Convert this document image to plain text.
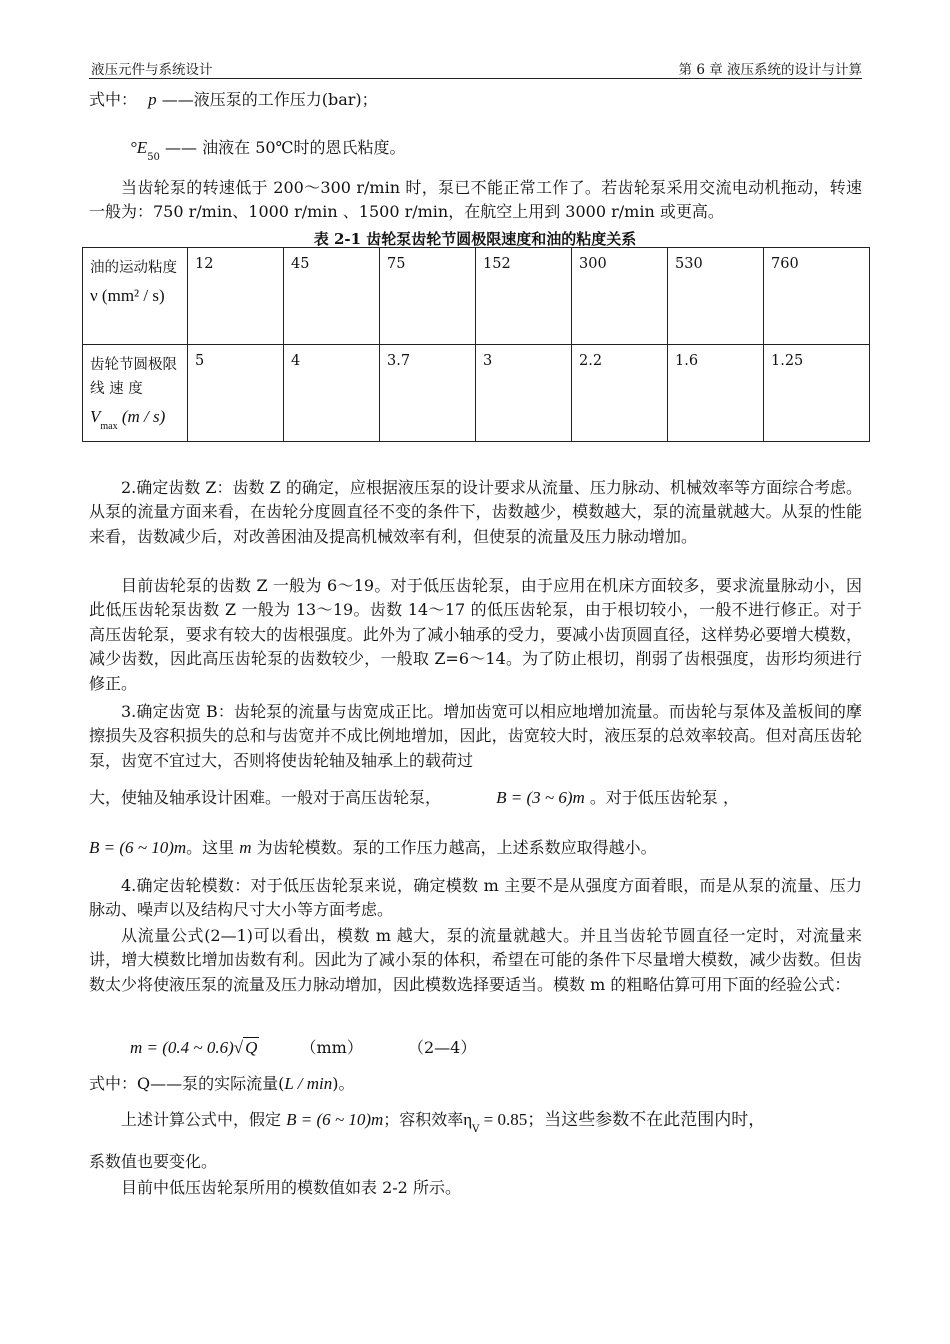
液压元件与系统设计	第 6 章 液压系统的设计与计算
式中： p ——液压泵的工作压力(bar)；
$^\circ E_{50}$ —— 油液在 50℃时的恩氏粘度。

当齿轮泵的转速低于 200～300 r/min 时，泵已不能正常工作了。若齿轮泵采用交流电动机拖动，转速一般为：750 r/min、1000 r/min 、1500 r/min，在航空上用到 3000 r/min 或更高。

表 2-1 齿轮泵齿轮节圆极限速度和油的粘度关系
油的运动粘度
ν (mm² / s)	12	45	75	152	300	530	760

齿轮节圆极限 线 速 度
$V_{max}$ (m / s)	5	4	3.7	3	2.2	1.6	1.25

2.确定齿数 Z：齿数 Z 的确定，应根据液压泵的设计要求从流量、压力脉动、机械效率等方面综合考虑。从泵的流量方面来看，在齿轮分度圆直径不变的条件下，齿数越少，模数越大，泵的流量就越大。从泵的性能来看，齿数减少后，对改善困油及提高机械效率有利，但使泵的流量及压力脉动增加。

目前齿轮泵的齿数 Z 一般为 6～19。对于低压齿轮泵，由于应用在机床方面较多，要求流量脉动小，因此低压齿轮泵齿数 Z 一般为 13～19。齿数 14～17 的低压齿轮泵，由于根切较小，一般不进行修正。对于高压齿轮泵，要求有较大的齿根强度。此外为了减小轴承的受力，要减小齿顶圆直径，这样势必要增大模数，减少齿数，因此高压齿轮泵的齿数较少，一般取 Z=6～14。为了防止根切，削弱了齿根强度，齿形均须进行修正。

3.确定齿宽 B：齿轮泵的流量与齿宽成正比。增加齿宽可以相应地增加流量。而齿轮与泵体及盖板间的摩擦损失及容积损失的总和与齿宽并不成比例地增加，因此，齿宽较大时，液压泵的总效率较高。但对高压齿轮泵，齿宽不宜过大，否则将使齿轮轴及轴承上的载荷过

大，使轴及轴承设计困难。一般对于高压齿轮泵，	B = (3 ~ 6)m 。对于低压齿轮泵 ，
B = (6 ~ 10)m。这里 m 为齿轮模数。泵的工作压力越高，上述系数应取得越小。

4.确定齿轮模数：对于低压齿轮泵来说，确定模数 m 主要不是从强度方面着眼，而是从泵的流量、压力脉动、噪声以及结构尺寸大小等方面考虑。

从流量公式(2—1)可以看出，模数 m 越大，泵的流量就越大。并且当齿轮节圆直径一定时，对流量来讲，增大模数比增加齿数有利。因此为了减小泵的体积，希望在可能的条件下尽量增大模数，减少齿数。但齿数太少将使液压泵的流量及压力脉动增加，因此模数选择要适当。模数 m 的粗略估算可用下面的经验公式：

m = (0.4 ~ 0.6)√ Q	（mm）	（2—4）
式中：Q——泵的实际流量(L / min)。
上述计算公式中，假定 B = (6 ~ 10)m；容积效率$\eta_V = 0.85$；当这些参数不在此范围内时，
系数值也要变化。
目前中低压齿轮泵所用的模数值如表 2-2 所示。
